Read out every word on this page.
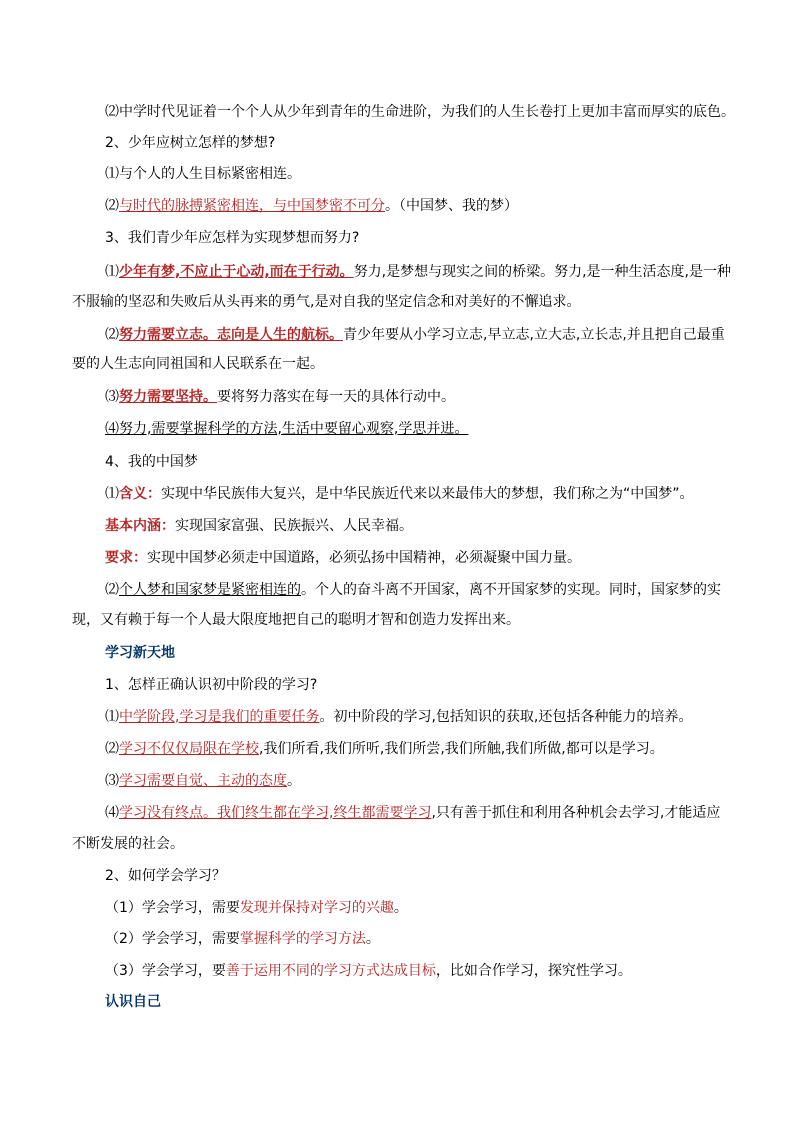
⑵中学时代见证着一个个人从少年到青年的生命进阶，为我们的人生长卷打上更加丰富而厚实的底色。
2、少年应树立怎样的梦想?
⑴与个人的人生目标紧密相连。
⑵与时代的脉搏紧密相连，与中国梦密不可分。（中国梦、我的梦）
3、我们青少年应怎样为实现梦想而努力?
⑴少年有梦,不应止于心动,而在于行动。努力,是梦想与现实之间的桥梁。努力,是一种生活态度,是一种
不服输的坚忍和失败后从头再来的勇气,是对自我的坚定信念和对美好的不懈追求。
⑵努力需要立志。志向是人生的航标。青少年要从小学习立志,早立志,立大志,立长志,并且把自己最重
要的人生志向同祖国和人民联系在一起。
⑶努力需要坚持。要将努力落实在每一天的具体行动中。
⑷努力,需要掌握科学的方法,生活中要留心观察,学思并进。
4、我的中国梦
⑴含义：实现中华民族伟大复兴，是中华民族近代来以来最伟大的梦想，我们称之为“中国梦”。
基本内涵：实现国家富强、民族振兴、人民幸福。
要求：实现中国梦必须走中国道路，必须弘扬中国精神，必须凝聚中国力量。
⑵个人梦和国家梦是紧密相连的。个人的奋斗离不开国家，离不开国家梦的实现。同时，国家梦的实
现，又有赖于每一个人最大限度地把自己的聪明才智和创造力发挥出来。
学习新天地
1、怎样正确认识初中阶段的学习?
⑴中学阶段,学习是我们的重要任务。初中阶段的学习,包括知识的获取,还包括各种能力的培养。
⑵学习不仅仅局限在学校,我们所看,我们所听,我们所尝,我们所触,我们所做,都可以是学习。
⑶学习需要自觉、主动的态度。
⑷学习没有终点。我们终生都在学习,终生都需要学习,只有善于抓住和利用各种机会去学习,才能适应
不断发展的社会。
2、如何学会学习？
（1）学会学习，需要发现并保持对学习的兴趣。
（2）学会学习，需要掌握科学的学习方法。
（3）学会学习，要善于运用不同的学习方式达成目标，比如合作学习，探究性学习。
认识自己
